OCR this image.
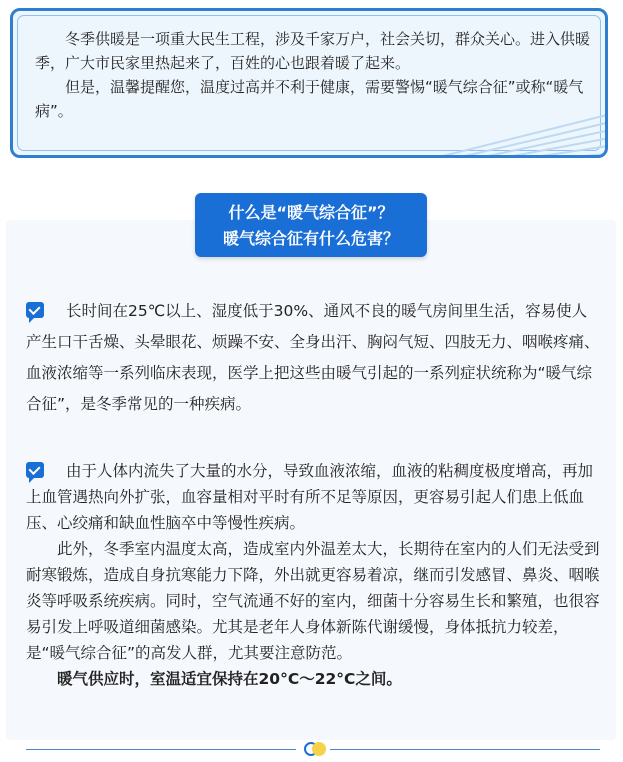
冬季供暖是一项重大民生工程，涉及千家万户，社会关切，群众关心。进入供暖季，广大市民家里热起来了，百姓的心也跟着暖了起来。

但是，温馨提醒您，温度过高并不利于健康，需要警惕“暖气综合征”或称“暖气病”。

什么是“暖气综合征”？
暖气综合征有什么危害？

长时间在25℃以上、湿度低于30%、通风不良的暖气房间里生活，容易使人产生口干舌燥、头晕眼花、烦躁不安、全身出汗、胸闷气短、四肢无力、咽喉疼痛、血液浓缩等一系列临床表现，医学上把这些由暖气引起的一系列症状统称为“暖气综合征”，是冬季常见的一种疾病。

由于人体内流失了大量的水分，导致血液浓缩，血液的粘稠度极度增高，再加上血管遇热向外扩张，血容量相对平时有所不足等原因，更容易引起人们患上低血压、心绞痛和缺血性脑卒中等慢性疾病。

此外，冬季室内温度太高，造成室内外温差太大，长期待在室内的人们无法受到耐寒锻炼，造成自身抗寒能力下降，外出就更容易着凉，继而引发感冒、鼻炎、咽喉炎等呼吸系统疾病。同时，空气流通不好的室内，细菌十分容易生长和繁殖，也很容易引发上呼吸道细菌感染。尤其是老年人身体新陈代谢缓慢，身体抵抗力较差，是“暖气综合征”的高发人群，尤其要注意防范。

暖气供应时，室温适宜保持在20°C～22°C之间。
